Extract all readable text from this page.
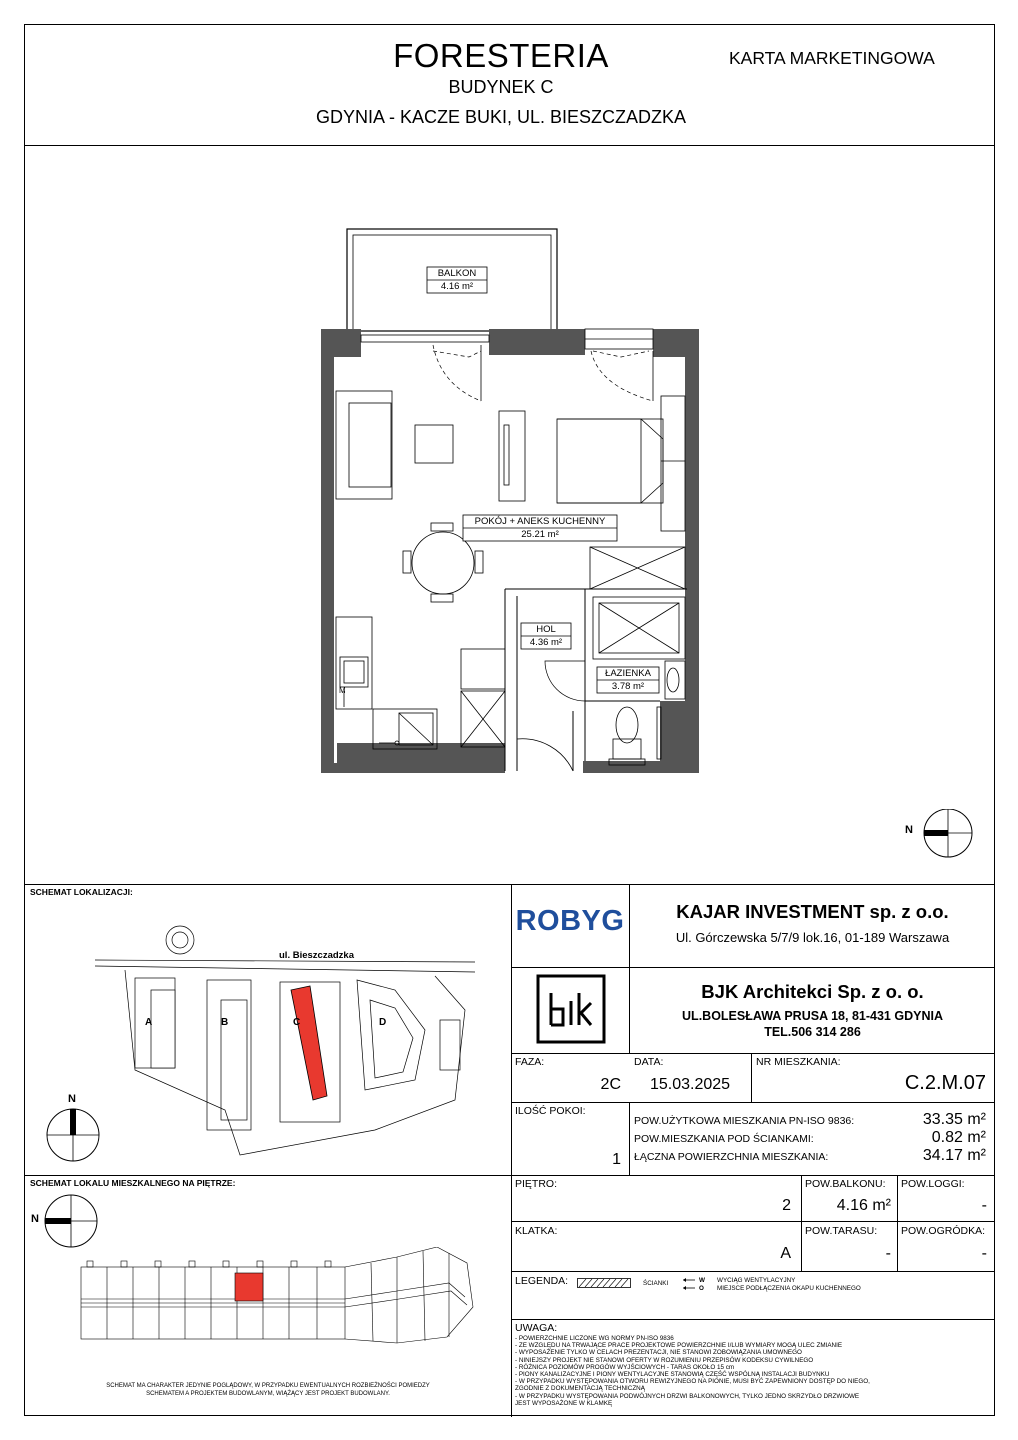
FORESTERIA
BUDYNEK C
GDYNIA - KACZE BUKI, UL. BIESZCZADZKA
KARTA MARKETINGOWA
M
BALKON
4.16 m²
POKÓJ + ANEKS KUCHENNY
25.21 m²
HOL
4.36 m²
ŁAZIENKA
3.78 m²
N
SCHEMAT LOKALIZACJI:
ul. Bieszczadzka
A	B	C	D
N
SCHEMAT LOKALU MIESZKALNEGO NA PIĘTRZE:
N
SCHEMAT MA CHARAKTER JEDYNIE POGLĄDOWY, W PRZYPADKU EWENTUALNYCH ROZBIEŻNOŚCI POMIEDZY
SCHEMATEM A PROJEKTEM BUDOWLANYM, WIĄŻĄCY JEST PROJEKT BUDOWLANY.
ROBYG	KAJAR INVESTMENT sp. z o.o.
Ul. Górczewska 5/7/9 lok.16, 01-189 Warszawa
BJK Architekci Sp. z o. o.
UL.BOLESŁAWA PRUSA 18, 81-431 GDYNIA
TEL.506 314 286
FAZA:
2C
DATA:
15.03.2025
NR MIESZKANIA:
C.2.M.07
ILOŚĆ POKOI:
1
POW.UŻYTKOWA MIESZKANIA PN-ISO 9836:	33.35 m²
POW.MIESZKANIA POD ŚCIANKAMI:	0.82 m²
ŁĄCZNA POWIERZCHNIA MIESZKANIA:	34.17 m²
PIĘTRO:
2
POW.BALKONU:
4.16 m²
POW.LOGGI:
-
KLATKA:
A
POW.TARASU:
-
POW.OGRÓDKA:
-
LEGENDA:	ŚCIANKI	W
O
WYCIĄG WENTYLACYJNY
MIEJSCE PODŁĄCZENIA OKAPU KUCHENNEGO
UWAGA:
- POWIERZCHNIE LICZONE WG NORMY PN-ISO 9836
- ZE WZGLĘDU NA TRWAJĄCE PRACE PROJEKTOWE POWIERZCHNIE I/LUB WYMIARY MOGĄ ULEC ZMIANIE
- WYPOSAŻENIE TYLKO W CELACH PREZENTACJI, NIE STANOWI ZOBOWIĄZANIA UMOWNEGO
- NINIEJSZY PROJEKT NIE STANOWI OFERTY W ROZUMIENIU PRZEPISÓW KODEKSU CYWILNEGO
- RÓŻNICA POZIOMÓW PROGÓW WYJŚCIOWYCH - TARAS OKOŁO 15 cm
- PIONY KANALIZACYJNE I PIONY WENTYLACYJNE STANOWIĄ CZĘŚĆ WSPÓLNĄ INSTALACJI BUDYNKU
- W PRZYPADKU WYSTĘPOWANIA OTWORU REWIZYJNEGO NA PIONIE, MUSI BYĆ ZAPEWNIONY DOSTĘP DO NIEGO,
ZGODNIE Z DOKUMENTACJĄ TECHNICZNĄ
- W PRZYPADKU WYSTĘPOWANIA PODWÓJNYCH DRZWI BALKONOWYCH, TYLKO JEDNO SKRZYDŁO DRZWIOWE
JEST WYPOSAŻONE W KLAMKĘ
